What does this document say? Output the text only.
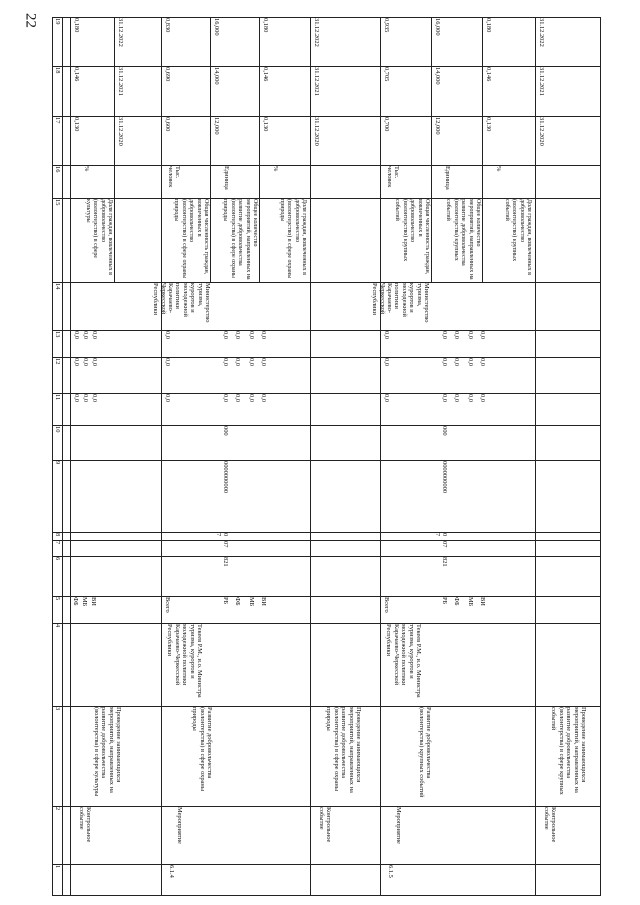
22
1
2
3
4
5
6
7
8
9
10
11
12
13
14
15
16
17
18
19
Контрольное событие
Проведение занимающихся мероприятий, направленных на развитие добровольчества (волонтерства) в сфере культуры
ФБ
0,0
0,0
0,0
МБ
0,0
0,0
0,0
ВИ
0,0
0,0
0,0
Доля граждан, вовлеченных в добровольчество (волонтерство) в сфере культуры
%
0,130
0,146
0,180
31.12.2020
31.12.2021
31.12.2022
6.1.4
Мероприятие
Развитие добровольчества (волонтерства) в сфере охраны природы
Текеев Р.М., и.о. Министра туризма, курортов и молодежной политики Карачаево-Черкесской Республики
Всего
0,0
0,0
0,0
РБ
821
07
07
0000000000
000
0,0
0,0
0,0
ФБ
0,0
0,0
0,0
МБ
0,0
0,0
0,0
ВИ
0,0
0,0
0,0
Министерство туризма, курортов и молодежной политики Карачаево-Черкесской Республики
Общая численность граждан, вовлеченных в добровольчество (волонтерство) в сфере охраны природы
Тыс. человек
0,600
0,690
0,830
Общее количество мероприятий, направленных на развитие добровольчества (волонтерства) в сфере охраны природы
Единица
12,000
14,000
16,000
Доля граждан, вовлеченных в добровольчество (волонтерство) в сфере охраны природы
%
0,130
0,146
0,180
Контрольное событие
Проведение занимающихся мероприятий, направленных на развитие добровольчества (волонтерства) в сфере охраны природы
31.12.2020
31.12.2021
31.12.2022
6.1.5
Мероприятие
Развитие добровольчества (волонтерства) крупных событий
Текеев Р.М., и.о. Министра туризма, курортов и молодежной политики Карачаево-Черкесской Республики
Всего
0,0
0,0
0,0
РБ
821
07
07
0000000000
000
0,0
0,0
0,0
ФБ
0,0
0,0
0,0
МБ
0,0
0,0
0,0
ВИ
0,0
0,0
0,0
Министерство туризма, курортов и молодежной политики Карачаево-Черкесской Республики
Общая численность граждан, вовлеченных в добровольчество (волонтерство) крупных событий
Тыс. человек
0,700
0,705
0,935
Общее количество мероприятий, направленных на развитие добровольчества (волонтерства) крупных событий
Единица
12,000
14,000
16,000
Доля граждан, вовлеченных в добровольчество (волонтерство) крупных событий
%
0,130
0,146
0,180
Контрольное событие
Проведение занимающихся мероприятий, направленных на развитие добровольчества (волонтерства) в сфере крупных событий
31.12.2020
31.12.2021
31.12.2022
